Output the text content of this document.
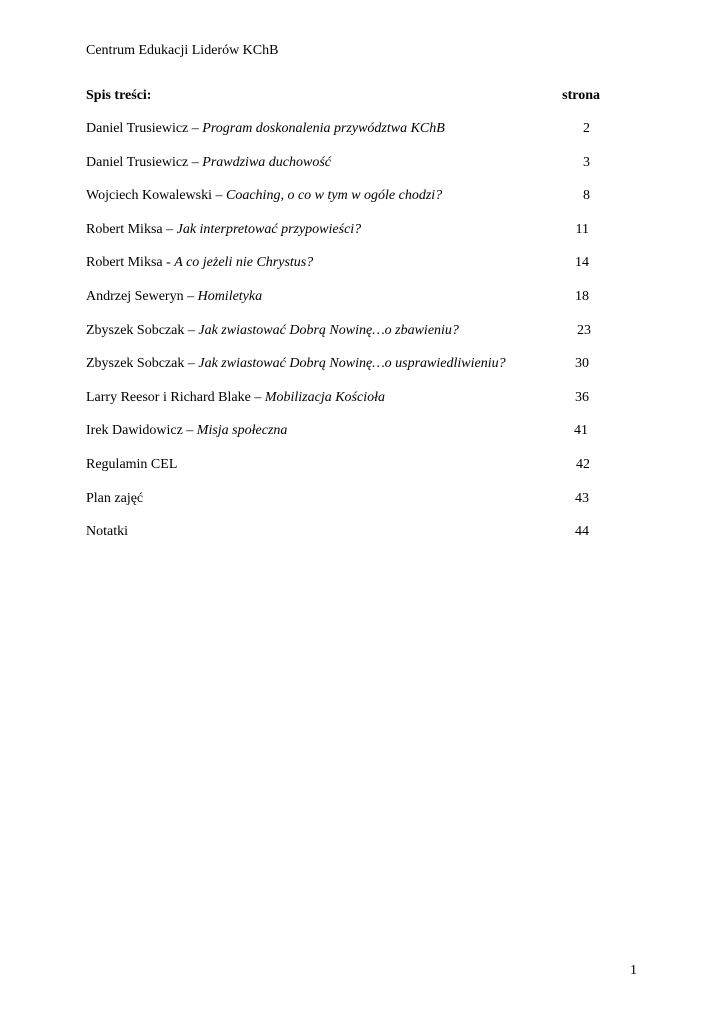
Centrum Edukacji Liderów KChB
Spis treści:	strona
Daniel Trusiewicz – Program doskonalenia przywództwa KChB	2
Daniel Trusiewicz – Prawdziwa duchowość	3
Wojciech Kowalewski – Coaching, o co w tym w ogóle chodzi?	8
Robert Miksa – Jak interpretować przypowieści?	11
Robert Miksa - A co jeżeli nie Chrystus?	14
Andrzej Seweryn – Homiletyka	18
Zbyszek Sobczak – Jak zwiastować Dobrą Nowinę…o zbawieniu?	23
Zbyszek Sobczak – Jak zwiastować Dobrą Nowinę…o usprawiedliwieniu?	30
Larry Reesor i Richard Blake – Mobilizacja Kościoła	36
Irek Dawidowicz – Misja społeczna	41
Regulamin CEL	42
Plan zajęć	43
Notatki	44
1
